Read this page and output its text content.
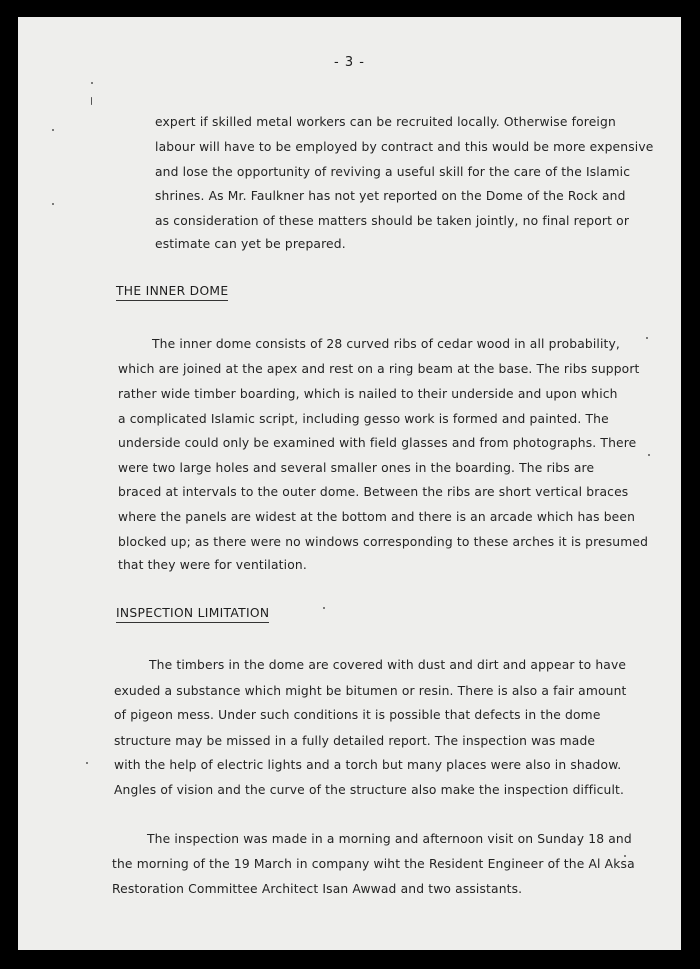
- 3 -
expert if skilled metal workers can be recruited locally. Otherwise foreign
labour will have to be employed by contract and this would be more expensive
and lose the opportunity of reviving a useful skill for the care of the Islamic
shrines. As Mr. Faulkner has not yet reported on the Dome of the Rock and
as consideration of these matters should be taken jointly, no final report or
estimate can yet be prepared.
THE INNER DOME
The inner dome consists of 28 curved ribs of cedar wood in all probability,
which are joined at the apex and rest on a ring beam at the base. The ribs support
rather wide timber boarding, which is nailed to their underside and upon which
a complicated Islamic script, including gesso work is formed and painted. The
underside could only be examined with field glasses and from photographs. There
were two large holes and several smaller ones in the boarding. The ribs are
braced at intervals to the outer dome. Between the ribs are short vertical braces
where the panels are widest at the bottom and there is an arcade which has been
blocked up; as there were no windows corresponding to these arches it is presumed
that they were for ventilation.
INSPECTION LIMITATION
The timbers in the dome are covered with dust and dirt and appear to have
exuded a substance which might be bitumen or resin. There is also a fair amount
of pigeon mess. Under such conditions it is possible that defects in the dome
structure may be missed in a fully detailed report. The inspection was made
with the help of electric lights and a torch but many places were also in shadow.
Angles of vision and the curve of the structure also make the inspection difficult.
The inspection was made in a morning and afternoon visit on Sunday 18 and
the morning of the 19 March in company wiht the Resident Engineer of the Al Aksa
Restoration Committee Architect Isan Awwad and two assistants.
